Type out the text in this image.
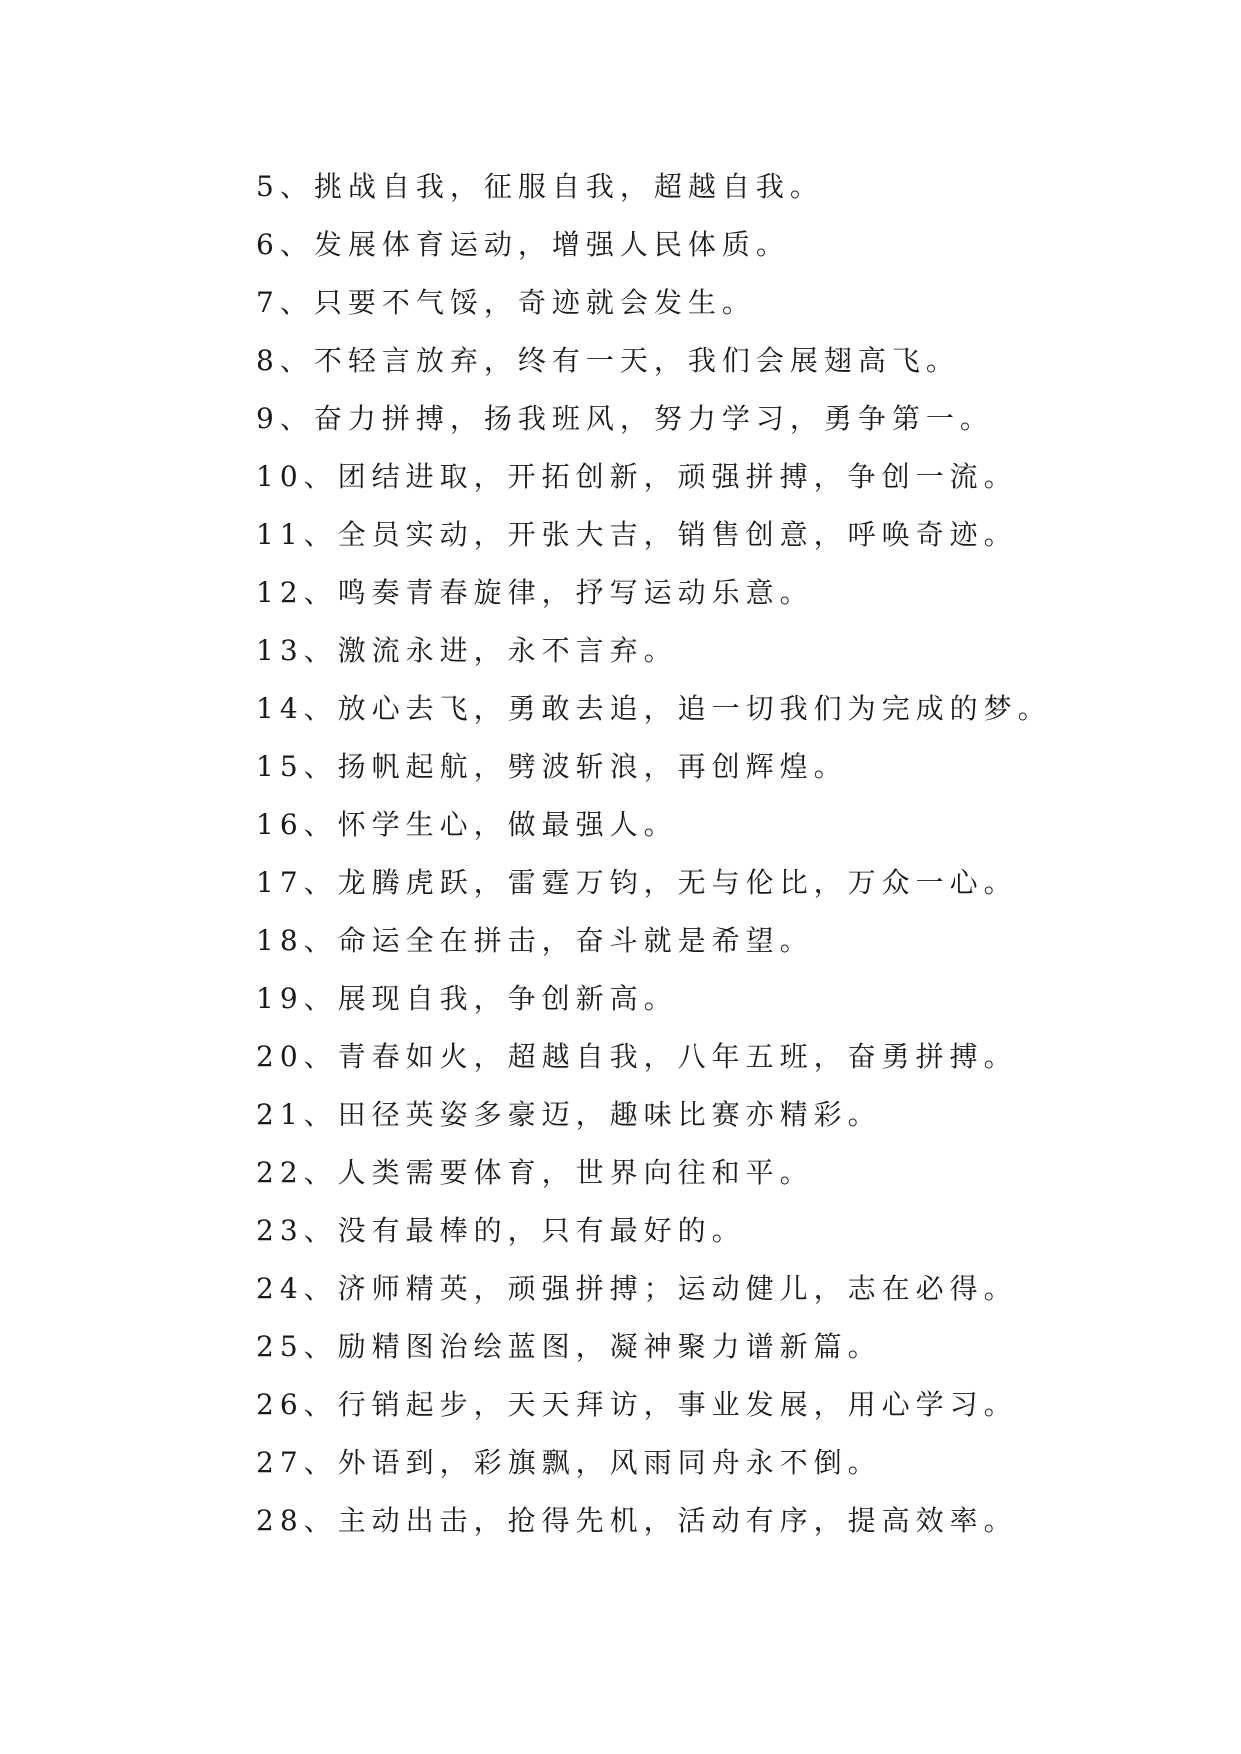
5、挑战自我，征服自我，超越自我。
6、发展体育运动，增强人民体质。
7、只要不气馁，奇迹就会发生。
8、不轻言放弃，终有一天，我们会展翅高飞。
9、奋力拼搏，扬我班风，努力学习，勇争第一。
10、团结进取，开拓创新，顽强拼搏，争创一流。
11、全员实动，开张大吉，销售创意，呼唤奇迹。
12、鸣奏青春旋律，抒写运动乐意。
13、激流永进，永不言弃。
14、放心去飞，勇敢去追，追一切我们为完成的梦。
15、扬帆起航，劈波斩浪，再创辉煌。
16、怀学生心，做最强人。
17、龙腾虎跃，雷霆万钧，无与伦比，万众一心。
18、命运全在拼击，奋斗就是希望。
19、展现自我，争创新高。
20、青春如火，超越自我，八年五班，奋勇拼搏。
21、田径英姿多豪迈，趣味比赛亦精彩。
22、人类需要体育，世界向往和平。
23、没有最棒的，只有最好的。
24、济师精英，顽强拼搏；运动健儿，志在必得。
25、励精图治绘蓝图，凝神聚力谱新篇。
26、行销起步，天天拜访，事业发展，用心学习。
27、外语到，彩旗飘，风雨同舟永不倒。
28、主动出击，抢得先机，活动有序，提高效率。
